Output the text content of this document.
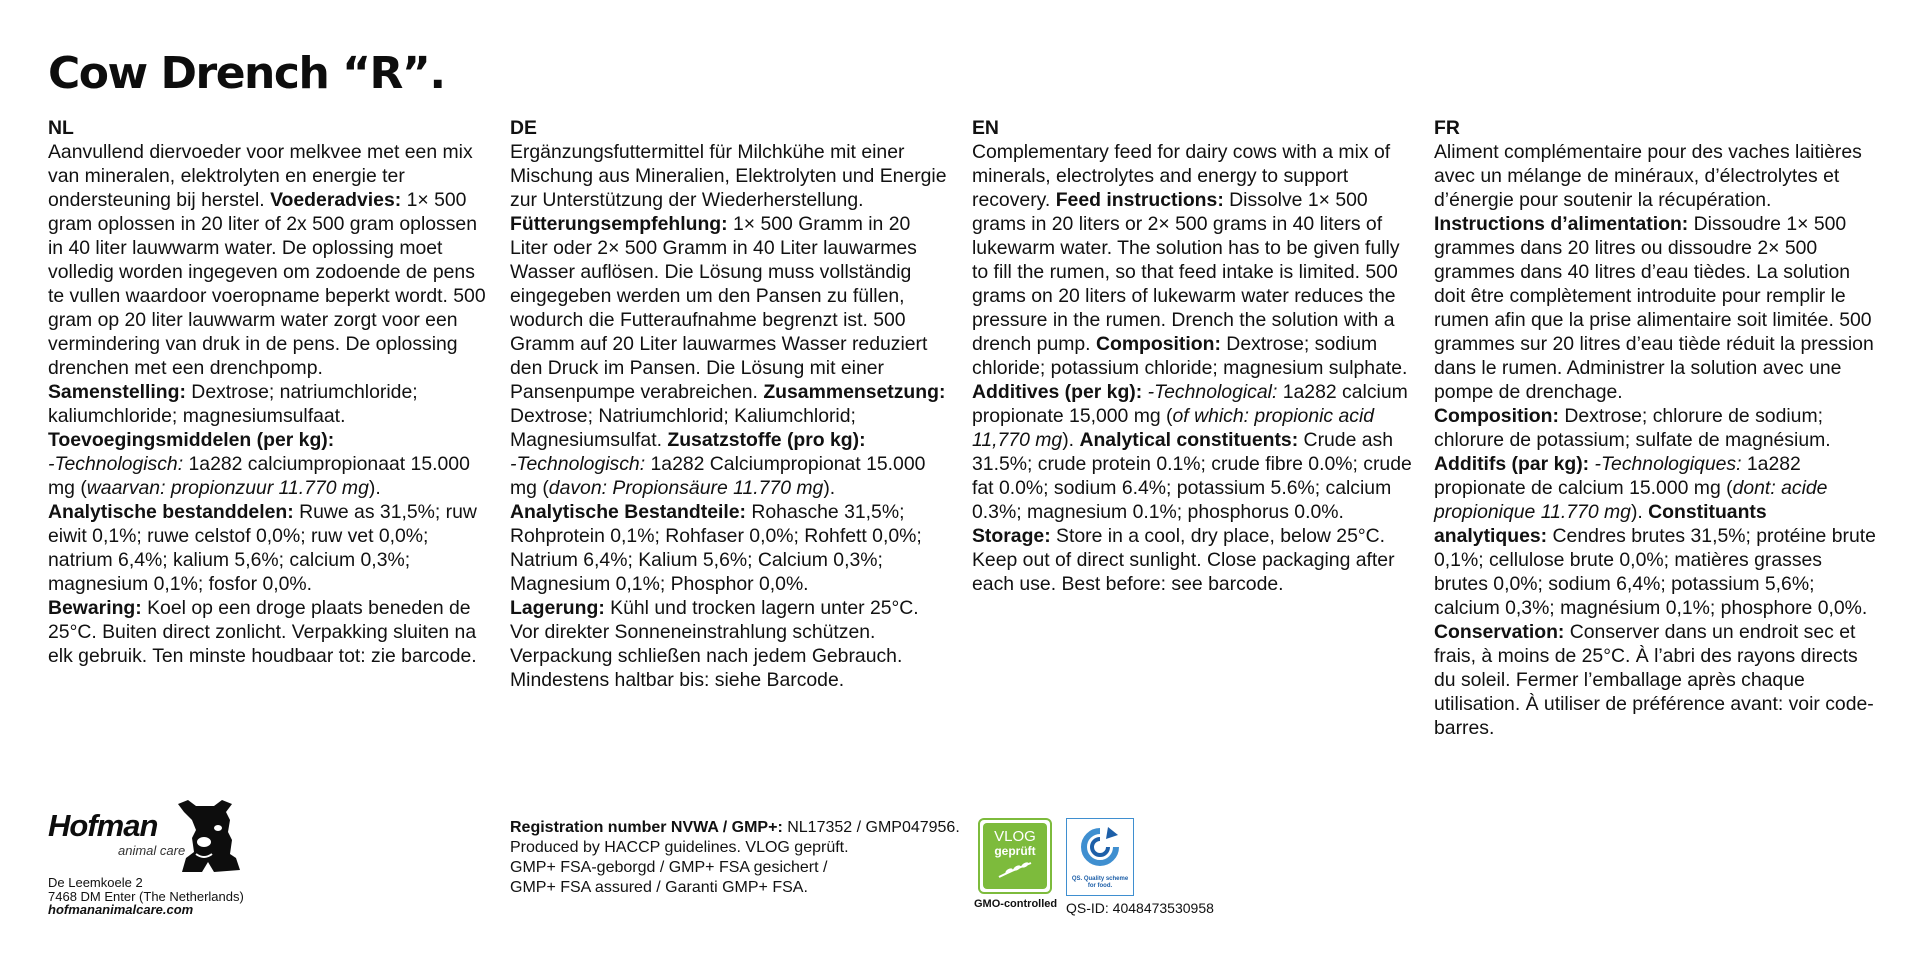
Cow Drench “R”.
NL
Aanvullend diervoeder voor melkvee met een mix van mineralen, elektrolyten en energie ter ondersteuning bij herstel. Voederadvies: 1× 500 gram oplossen in 20 liter of 2x 500 gram oplossen in 40 liter lauwwarm water. De oplossing moet volledig worden ingegeven om zodoende de pens te vullen waardoor voeropname beperkt wordt. 500 gram op 20 liter lauwwarm water zorgt voor een vermindering van druk in de pens. De oplossing drenchen met een drenchpomp.
Samenstelling: Dextrose; natriumchloride; kaliumchloride; magnesiumsulfaat.
Toevoegingsmiddelen (per kg):
-Technologisch: 1a282 calciumpropionaat 15.000 mg (waarvan: propionzuur 11.770 mg). Analytische bestanddelen: Ruwe as 31,5%; ruw eiwit 0,1%; ruwe celstof 0,0%; ruw vet 0,0%; natrium 6,4%; kalium 5,6%; calcium 0,3%; magnesium 0,1%; fosfor 0,0%.
Bewaring: Koel op een droge plaats beneden de 25°C. Buiten direct zonlicht. Verpakking sluiten na elk gebruik. Ten minste houdbaar tot: zie barcode.
DE
Ergänzungsfuttermittel für Milchkühe mit einer Mischung aus Mineralien, Elektrolyten und Energie zur Unterstützung der Wiederherstellung. Fütterungsempfehlung: 1× 500 Gramm in 20 Liter oder 2× 500 Gramm in 40 Liter lauwarmes Wasser auflösen. Die Lösung muss vollständig eingegeben werden um den Pansen zu füllen, wodurch die Futteraufnahme begrenzt ist. 500 Gramm auf 20 Liter lauwarmes Wasser reduziert den Druck im Pansen. Die Lösung mit einer Pansenpumpe verabreichen. Zusammensetzung: Dextrose; Natriumchlorid; Kaliumchlorid; Magnesiumsulfat. Zusatzstoffe (pro kg):
-Technologisch: 1a282 Calciumpropionat 15.000 mg (davon: Propionsäure 11.770 mg).
Analytische Bestandteile: Rohasche 31,5%; Rohprotein 0,1%; Rohfaser 0,0%; Rohfett 0,0%; Natrium 6,4%; Kalium 5,6%; Calcium 0,3%; Magnesium 0,1%; Phosphor 0,0%.
Lagerung: Kühl und trocken lagern unter 25°C. Vor direkter Sonneneinstrahlung schützen. Verpackung schließen nach jedem Gebrauch. Mindestens haltbar bis: siehe Barcode.
EN
Complementary feed for dairy cows with a mix of minerals, electrolytes and energy to support recovery. Feed instructions: Dissolve 1× 500 grams in 20 liters or 2× 500 grams in 40 liters of lukewarm water. The solution has to be given fully to fill the rumen, so that feed intake is limited. 500 grams on 20 liters of lukewarm water reduces the pressure in the rumen. Drench the solution with a drench pump. Composition: Dextrose; sodium chloride; potassium chloride; magnesium sulphate. Additives (per kg): -Technological: 1a282 calcium propionate 15,000 mg (of which: propionic acid 11,770 mg). Analytical constituents: Crude ash 31.5%; crude protein 0.1%; crude fibre 0.0%; crude fat 0.0%; sodium 6.4%; potassium 5.6%; calcium 0.3%; magnesium 0.1%; phosphorus 0.0%. Storage: Store in a cool, dry place, below 25°C. Keep out of direct sunlight. Close packaging after each use. Best before: see barcode.
FR
Aliment complémentaire pour des vaches laitières avec un mélange de minéraux, d’électrolytes et d’énergie pour soutenir la récupération. Instructions d’alimentation: Dissoudre 1× 500 grammes dans 20 litres ou dissoudre 2× 500 grammes dans 40 litres d’eau tièdes. La solution doit être complètement introduite pour remplir le rumen afin que la prise alimentaire soit limitée. 500 grammes sur 20 litres d’eau tiède réduit la pression dans le rumen. Administrer la solution avec une pompe de drenchage.
Composition: Dextrose; chlorure de sodium; chlorure de potassium; sulfate de magnésium.
Additifs (par kg): -Technologiques: 1a282 propionate de calcium 15.000 mg (dont: acide propionique 11.770 mg). Constituants analytiques: Cendres brutes 31,5%; protéine brute 0,1%; cellulose brute 0,0%; matières grasses brutes 0,0%; sodium 6,4%; potassium 5,6%; calcium 0,3%; magnésium 0,1%; phosphore 0,0%. Conservation: Conserver dans un endroit sec et frais, à moins de 25°C. À l’abri des rayons directs du soleil. Fermer l’emballage après chaque utilisation. À utiliser de préférence avant: voir code-barres.
Hofman
animal care
De Leemkoele 2
7468 DM Enter (The Netherlands)
hofmananimalcare.com
Registration number NVWA / GMP+: NL17352 / GMP047956.
Produced by HACCP guidelines. VLOG geprüft.
GMP+ FSA-geborgd / GMP+ FSA gesichert /
GMP+ FSA assured / Garanti GMP+ FSA.
VLOG
geprüft
GMO-controlled
QS. Quality scheme for food.
QS-ID: 4048473530958
